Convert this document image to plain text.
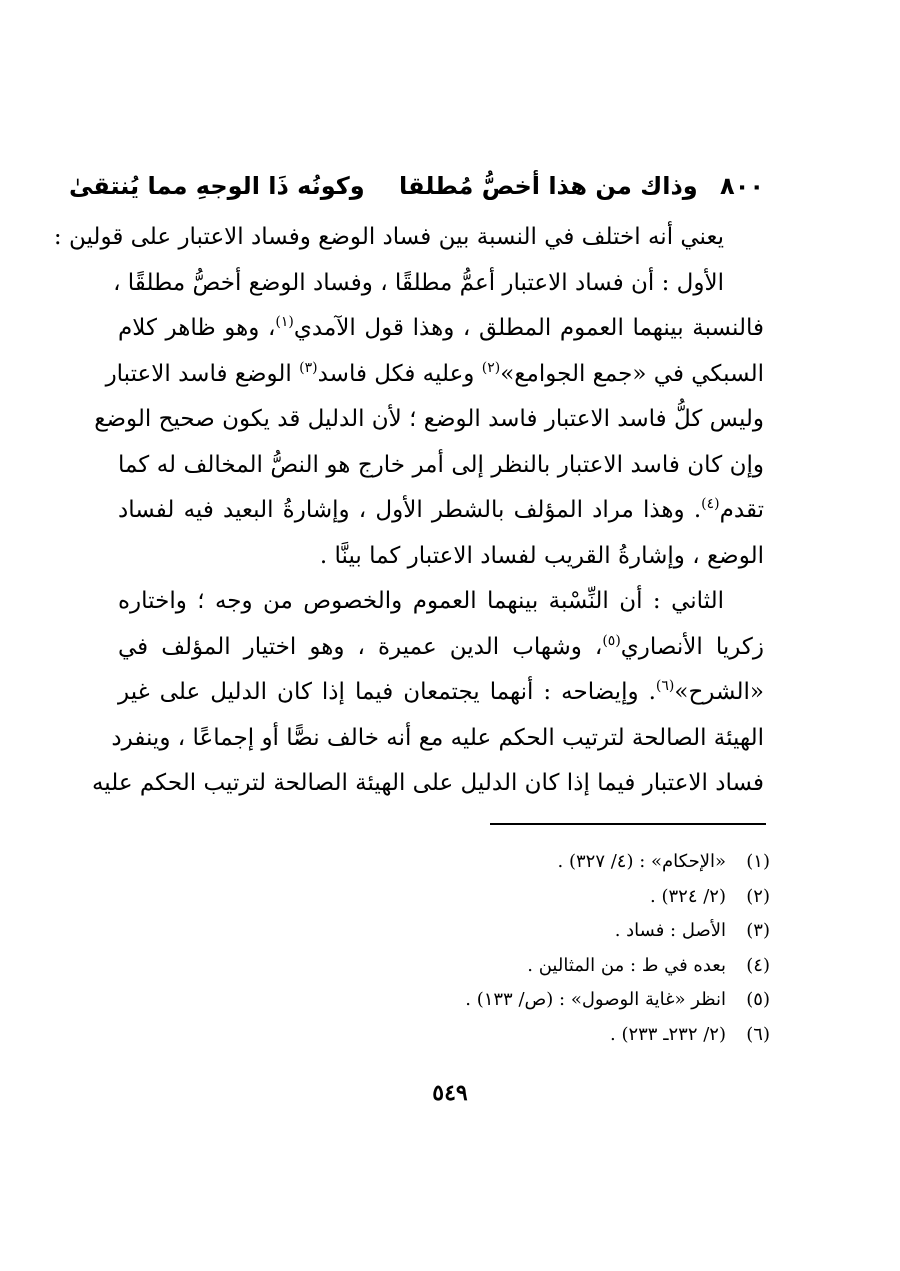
٨٠٠ وذاك من هذا أخصُّ مُطلقا وكونُه ذَا الوجهِ مما يُنتقىٰ
يعني أنه اختلف في النسبة بين فساد الوضع وفساد الاعتبار على قولين :
الأول : أن فساد الاعتبار أعمُّ مطلقًا ، وفساد الوضع أخصُّ مطلقًا ،
فالنسبة بينهما العموم المطلق ، وهذا قول الآمدي$^{(١)}$، وهو ظاهر كلام
السبكي في «جمع الجوامع»$^{(٢)}$ وعليه فكل فاسد$^{(٣)}$ الوضع فاسد الاعتبار
وليس كلُّ فاسد الاعتبار فاسد الوضع ؛ لأن الدليل قد يكون صحيح الوضع
وإن كان فاسد الاعتبار بالنظر إلى أمر خارج هو النصُّ المخالف له كما
تقدم$^{(٤)}$. وهذا مراد المؤلف بالشطر الأول ، وإشارةُ البعيد فيه لفساد
الوضع ، وإشارةُ القريب لفساد الاعتبار كما بينَّا .
الثاني : أن النِّسْبة بينهما العموم والخصوص من وجه ؛ واختاره
زكريا الأنصاري$^{(٥)}$، وشهاب الدين عميرة ، وهو اختيار المؤلف في
«الشرح»$^{(٦)}$. وإيضاحه : أنهما يجتمعان فيما إذا كان الدليل على غير
الهيئة الصالحة لترتيب الحكم عليه مع أنه خالف نصًّا أو إجماعًا ، وينفرد
فساد الاعتبار فيما إذا كان الدليل على الهيئة الصالحة لترتيب الحكم عليه
(١)«الإحكام» : (٤/ ٣٢٧) .
(٢)(٢/ ٣٢٤) .
(٣)الأصل : فساد .
(٤)بعده في ط : من المثالين .
(٥)انظر «غاية الوصول» : (ص/ ١٣٣) .
(٦)(٢/ ٢٣٢ـ ٢٣٣) .
٥٤٩
